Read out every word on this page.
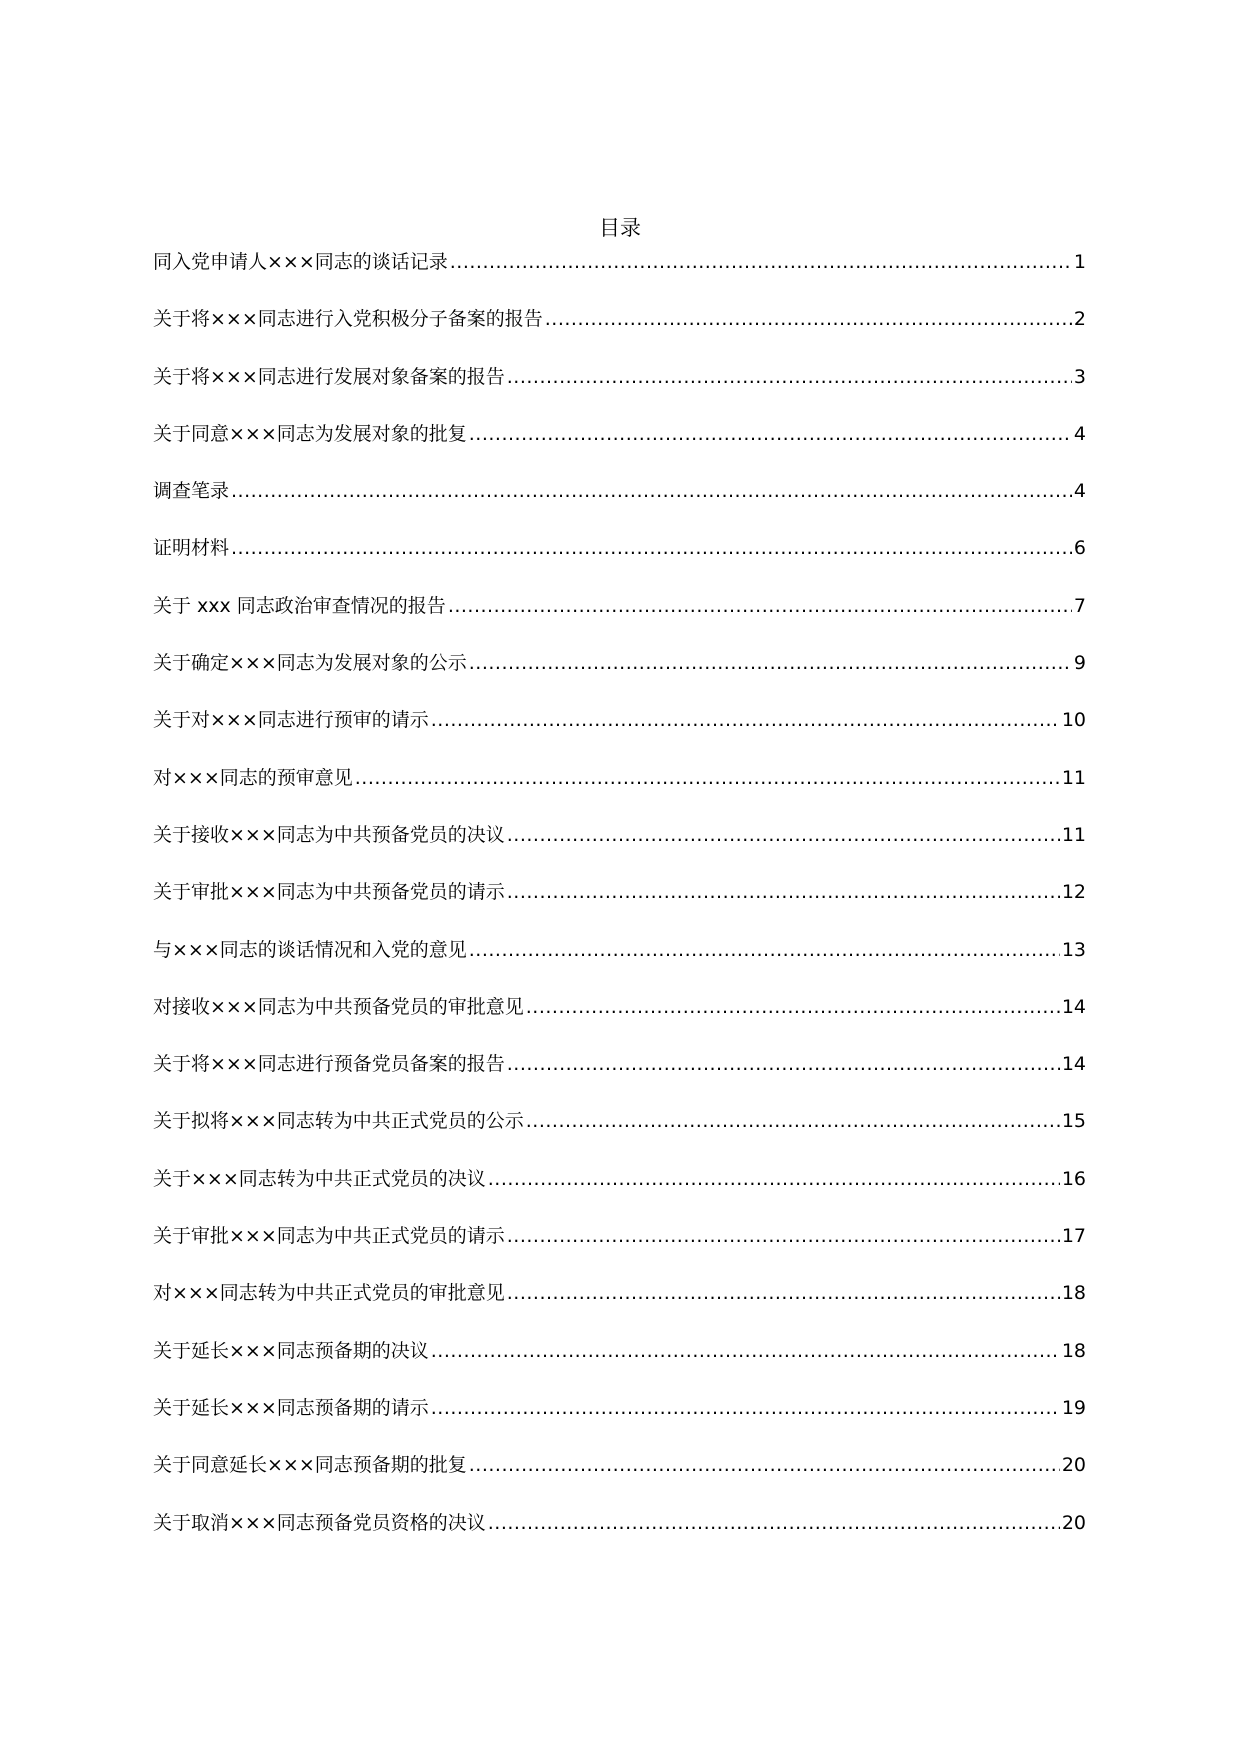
目录
同入党申请人×××同志的谈话记录 .....	1
关于将×××同志进行入党积极分子备案的报告 .....	2
关于将×××同志进行发展对象备案的报告 .....	3
关于同意×××同志为发展对象的批复 .....	4
调查笔录 .....	4
证明材料 .....	6
关于 xxx 同志政治审查情况的报告 .....	7
关于确定×××同志为发展对象的公示 .....	9
关于对×××同志进行预审的请示 .....	10
对×××同志的预审意见 .....	11
关于接收×××同志为中共预备党员的决议 .....	11
关于审批×××同志为中共预备党员的请示 .....	12
与×××同志的谈话情况和入党的意见 .....	13
对接收×××同志为中共预备党员的审批意见 .....	14
关于将×××同志进行预备党员备案的报告 .....	14
关于拟将×××同志转为中共正式党员的公示 .....	15
关于×××同志转为中共正式党员的决议 .....	16
关于审批×××同志为中共正式党员的请示 .....	17
对×××同志转为中共正式党员的审批意见 .....	18
关于延长×××同志预备期的决议 .....	18
关于延长×××同志预备期的请示 .....	19
关于同意延长×××同志预备期的批复 .....	20
关于取消×××同志预备党员资格的决议 .....	20
